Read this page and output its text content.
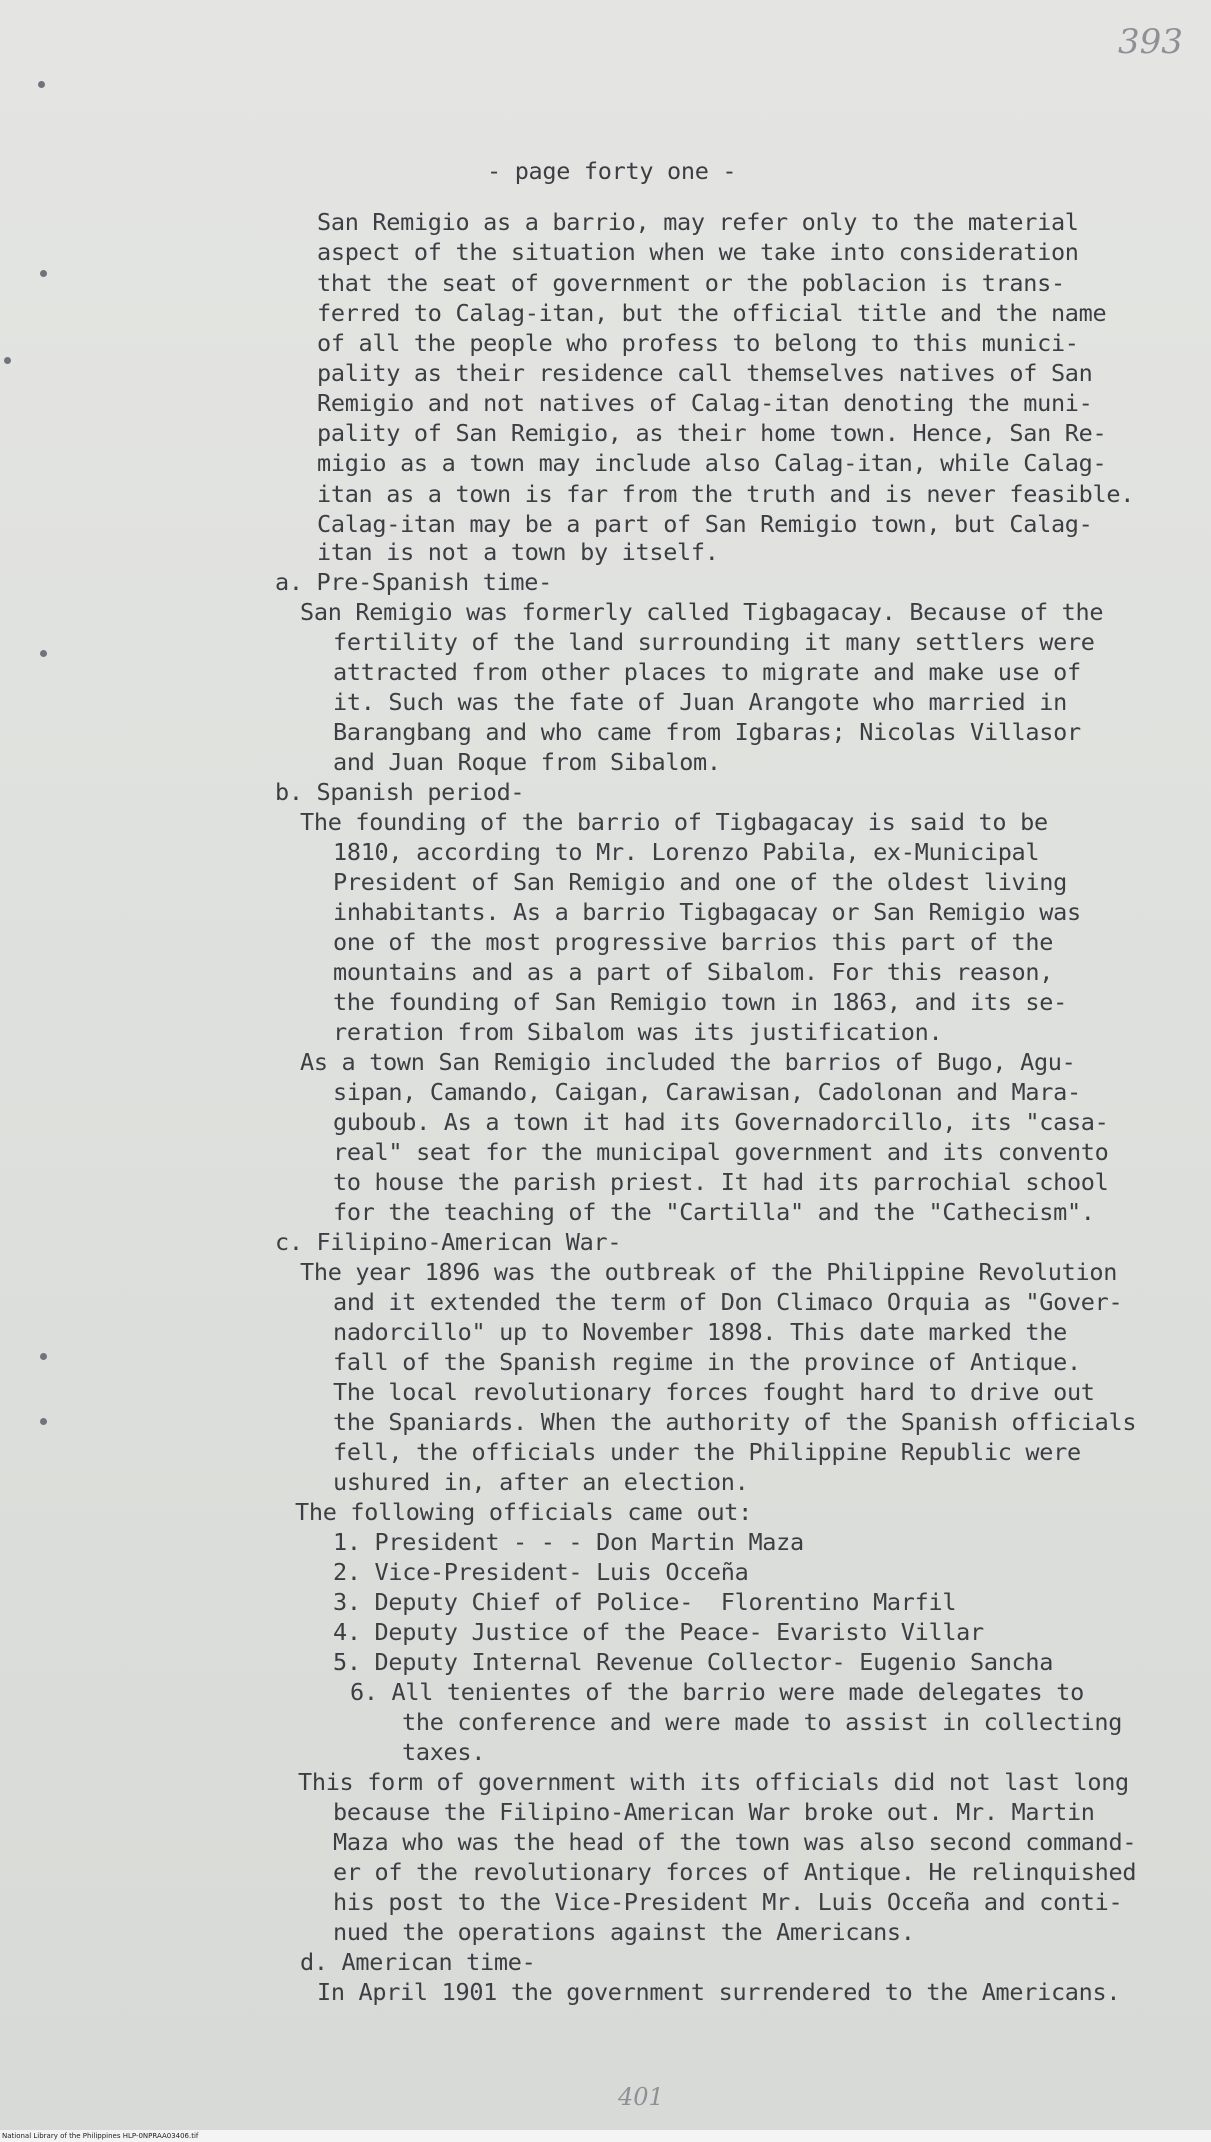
393
- page forty one -
San Remigio as a barrio, may refer only to the material
aspect of the situation when we take into consideration
that the seat of government or the poblacion is trans-
ferred to Calag-itan, but the official title and the name
of all the people who profess to belong to this munici-
pality as their residence call themselves natives of San
Remigio and not natives of Calag-itan denoting the muni-
pality of San Remigio, as their home town. Hence, San Re-
migio as a town may include also Calag-itan, while Calag-
itan as a town is far from the truth and is never feasible.
Calag-itan may be a part of San Remigio town, but Calag-
itan is not a town by itself.
a. Pre-Spanish time-
San Remigio was formerly called Tigbagacay. Because of the
fertility of the land surrounding it many settlers were
attracted from other places to migrate and make use of
it. Such was the fate of Juan Arangote who married in
Barangbang and who came from Igbaras; Nicolas Villasor
and Juan Roque from Sibalom.
b. Spanish period-
The founding of the barrio of Tigbagacay is said to be
1810, according to Mr. Lorenzo Pabila, ex-Municipal
President of San Remigio and one of the oldest living
inhabitants. As a barrio Tigbagacay or San Remigio was
one of the most progressive barrios this part of the
mountains and as a part of Sibalom. For this reason,
the founding of San Remigio town in 1863, and its se-
reration from Sibalom was its justification.
As a town San Remigio included the barrios of Bugo, Agu-
sipan, Camando, Caigan, Carawisan, Cadolonan and Mara-
guboub. As a town it had its Governadorcillo, its "casa-
real" seat for the municipal government and its convento
to house the parish priest. It had its parrochial school
for the teaching of the "Cartilla" and the "Cathecism".
c. Filipino-American War-
The year 1896 was the outbreak of the Philippine Revolution
and it extended the term of Don Climaco Orquia as "Gover-
nadorcillo" up to November 1898. This date marked the
fall of the Spanish regime in the province of Antique.
The local revolutionary forces fought hard to drive out
the Spaniards. When the authority of the Spanish officials
fell, the officials under the Philippine Republic were
ushured in, after an election.
The following officials came out:
1. President - - - Don Martin Maza
2. Vice-President- Luis Occeña
3. Deputy Chief of Police-  Florentino Marfil
4. Deputy Justice of the Peace- Evaristo Villar
5. Deputy Internal Revenue Collector- Eugenio Sancha
6. All tenientes of the barrio were made delegates to
the conference and were made to assist in collecting
taxes.
This form of government with its officials did not last long
because the Filipino-American War broke out. Mr. Martin
Maza who was the head of the town was also second command-
er of the revolutionary forces of Antique. He relinquished
his post to the Vice-President Mr. Luis Occeña and conti-
nued the operations against the Americans.
d. American time-
In April 1901 the government surrendered to the Americans.
401
National Library of the Philippines HLP-0NPRAA03406.tif
